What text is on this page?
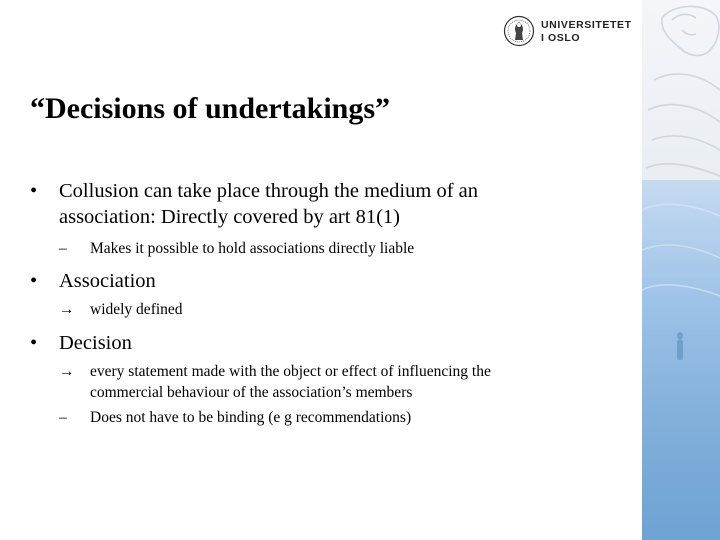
UNIVERSITETET
I OSLO
“Decisions of undertakings”
•	Collusion can take place through the medium of an
association: Directly covered by art 81(1)
–	Makes it possible to hold associations directly liable
•	Association
→ widely defined
•	Decision
→ every statement made with the object or effect of influencing the
commercial behaviour of the association’s members
–	Does not have to be binding (e g recommendations)
